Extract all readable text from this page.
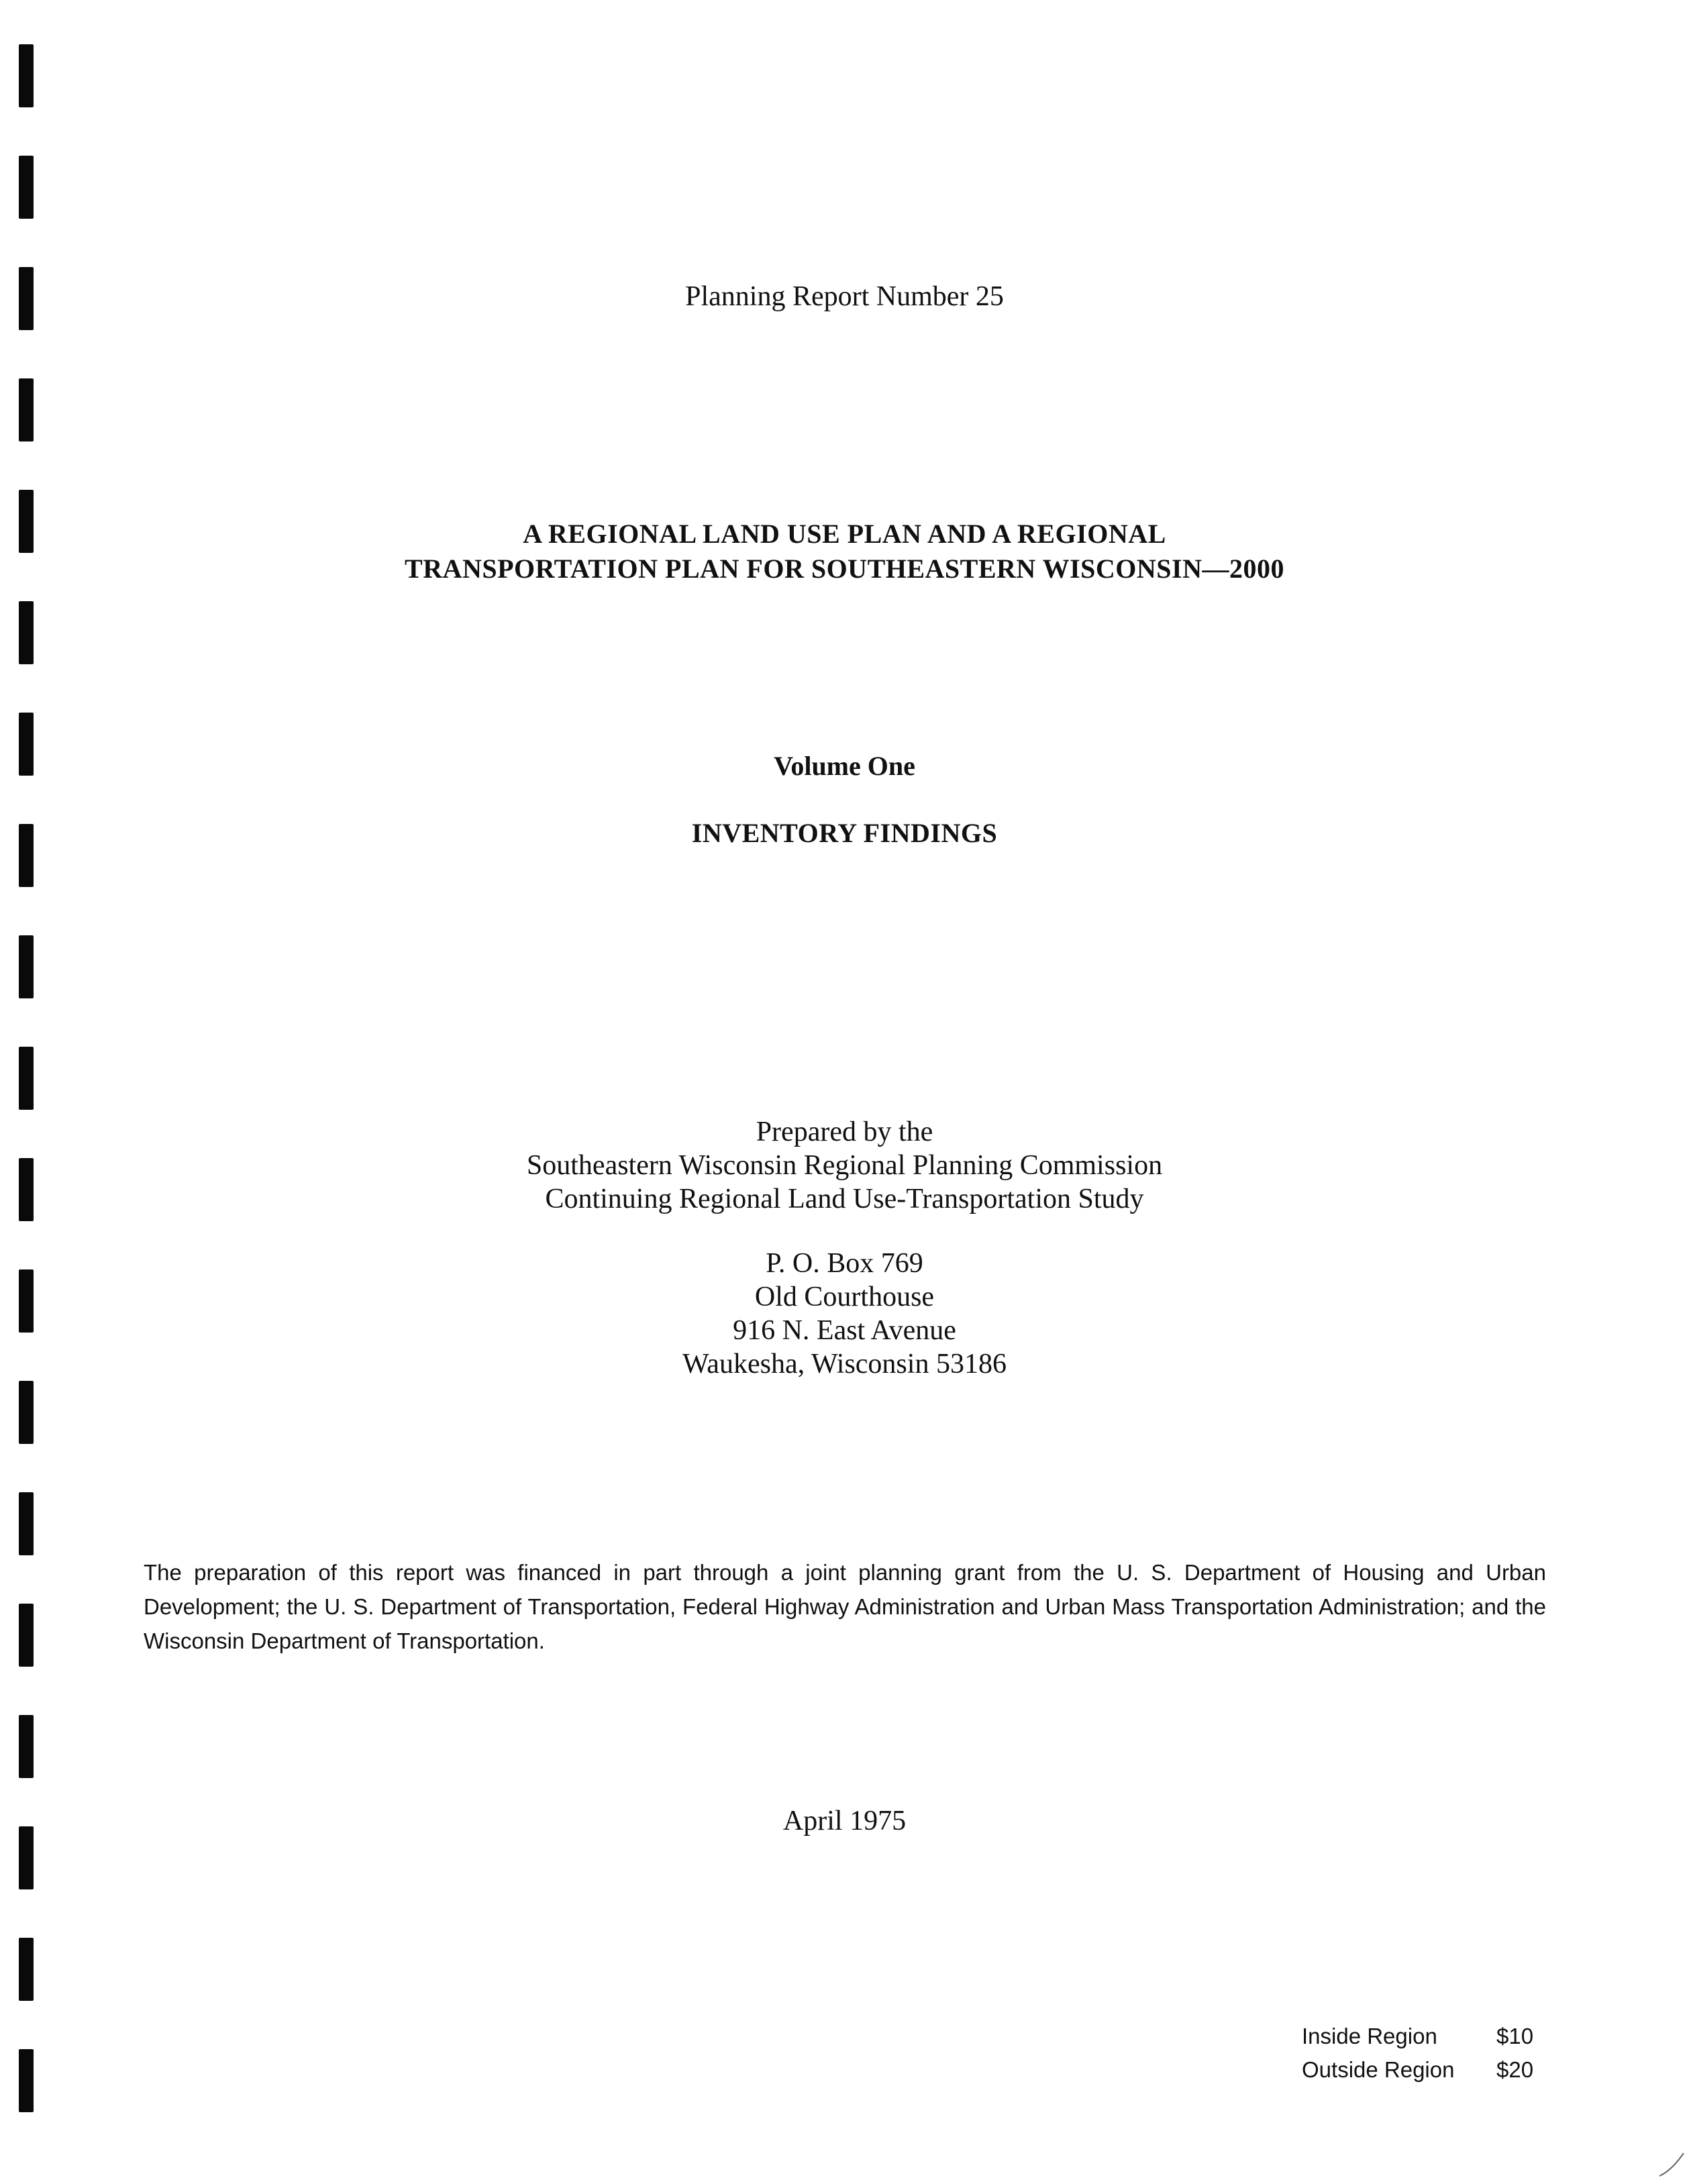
Planning Report Number 25
A REGIONAL LAND USE PLAN AND A REGIONAL
TRANSPORTATION PLAN FOR SOUTHEASTERN WISCONSIN—2000
Volume One
INVENTORY FINDINGS
Prepared by the
Southeastern Wisconsin Regional Planning Commission
Continuing Regional Land Use-Transportation Study
P. O. Box 769
Old Courthouse
916 N. East Avenue
Waukesha, Wisconsin 53186
The preparation of this report was financed in part through a joint planning grant from the U. S. Department of Housing and Urban Development; the U. S. Department of Transportation, Federal Highway Administration and Urban Mass Transportation Administration; and the Wisconsin Department of Transportation.
April 1975
Inside Region	$10
Outside Region	$20
